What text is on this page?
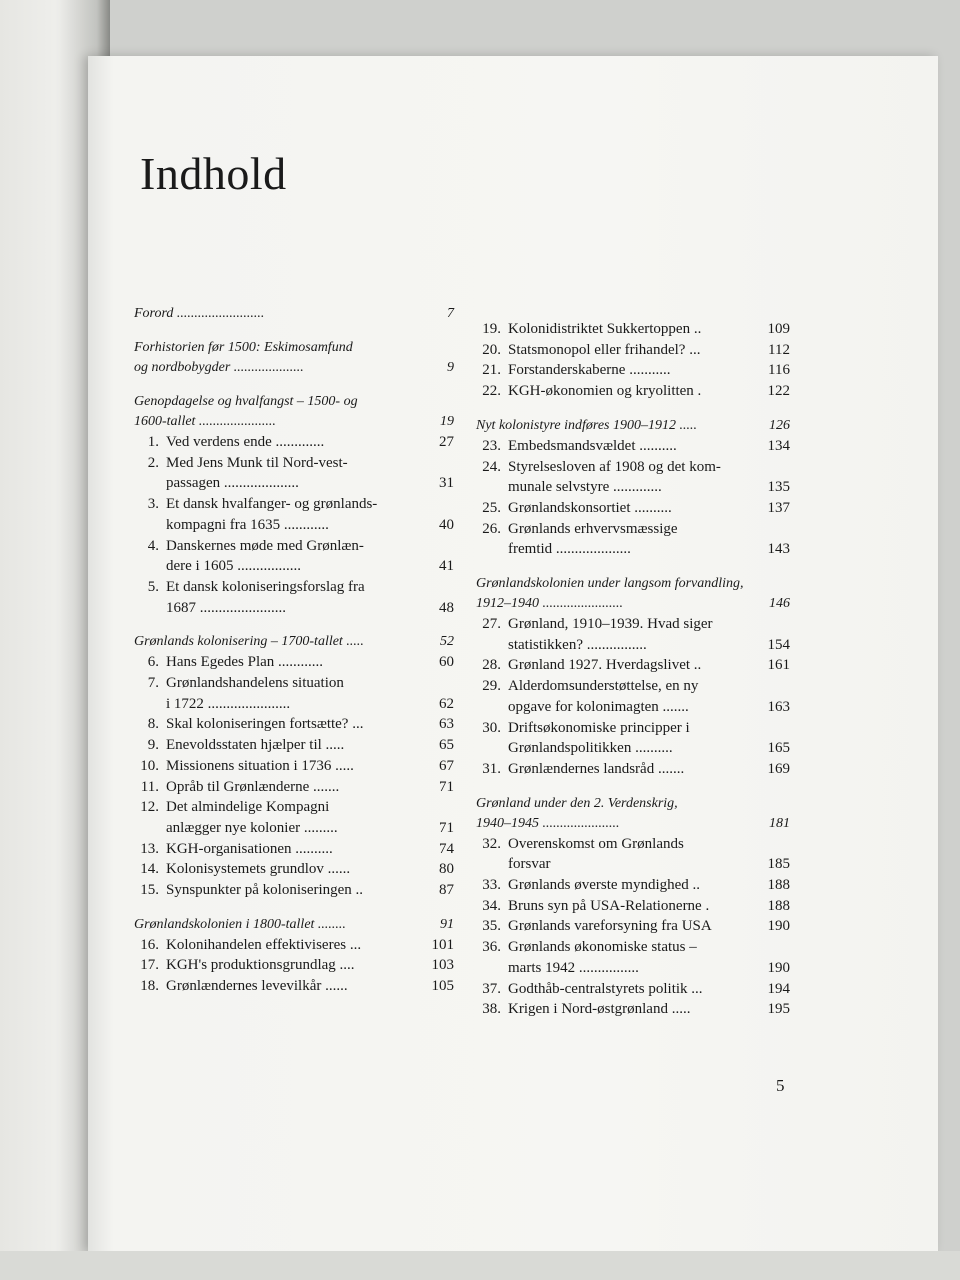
Indhold
Forord .........................	7
Forhistorien før 1500: Eskimosamfund
og nordbobygder ....................	9
Genopdagelse og hvalfangst – 1500- og
1600-tallet ......................	19
1. Ved verdens ende .............	27
2. Med Jens Munk til Nord-vest-
passagen ....................	31
3. Et dansk hvalfanger- og grønlands-
kompagni fra 1635 ............	40
4. Danskernes møde med Grønlæn-
dere i 1605 .................	41
5. Et dansk koloniseringsforslag fra
1687 .......................	48
Grønlands kolonisering – 1700-tallet .....	52
6. Hans Egedes Plan ............	60
7. Grønlandshandelens situation
i 1722 ......................	62
8. Skal koloniseringen fortsætte? ...	63
9. Enevoldsstaten hjælper til .....	65
10. Missionens situation i 1736 .....	67
11. Opråb til Grønlænderne .......	71
12. Det almindelige Kompagni
anlægger nye kolonier .........	71
13. KGH-organisationen ..........	74
14. Kolonisystemets grundlov ......	80
15. Synspunkter på koloniseringen ..	87
Grønlandskolonien i 1800-tallet ........	91
16. Kolonihandelen effektiviseres ...	101
17. KGH's produktionsgrundlag ....	103
18. Grønlændernes levevilkår ......	105
19. Kolonidistriktet Sukkertoppen ..	109
20. Statsmonopol eller frihandel? ...	112
21. Forstanderskaberne ...........	116
22. KGH-økonomien og kryolitten .	122
Nyt kolonistyre indføres 1900–1912 .....	126
23. Embedsmandsvældet ..........	134
24. Styrelsesloven af 1908 og det kom-
munale selvstyre .............	135
25. Grønlandskonsortiet ..........	137
26. Grønlands erhvervsmæssige
fremtid ....................	143
Grønlandskolonien under langsom forvandling,
1912–1940 .......................	146
27. Grønland, 1910–1939. Hvad siger
statistikken? ................	154
28. Grønland 1927. Hverdagslivet ..	161
29. Alderdomsunderstøttelse, en ny
opgave for kolonimagten .......	163
30. Driftsøkonomiske principper i
Grønlandspolitikken ..........	165
31. Grønlændernes landsråd .......	169
Grønland under den 2. Verdenskrig,
1940–1945 ......................	181
32. Overenskomst om Grønlands
forsvar	185
33. Grønlands øverste myndighed ..	188
34. Bruns syn på USA-Relationerne .	188
35. Grønlands vareforsyning fra USA	190
36. Grønlands økonomiske status –
marts 1942 ................	190
37. Godthåb-centralstyrets politik ...	194
38. Krigen i Nord-østgrønland .....	195
5
